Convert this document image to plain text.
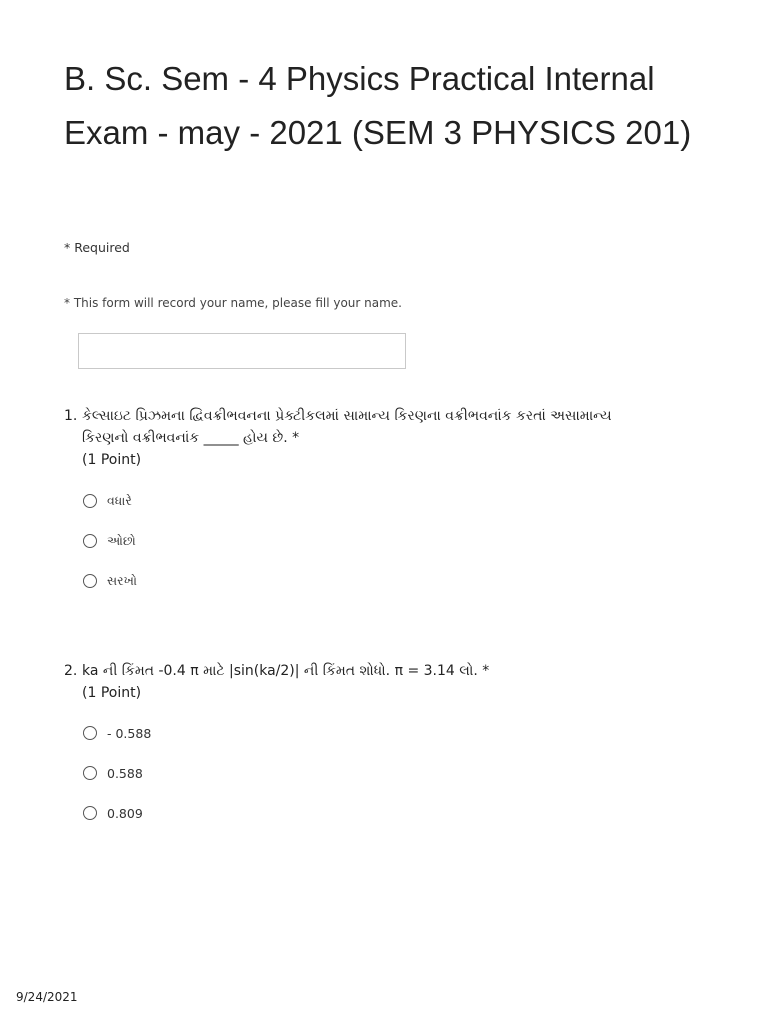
B. Sc. Sem - 4 Physics Practical Internal Exam - may - 2021 (SEM 3 PHYSICS 201)
* Required
* This form will record your name, please fill your name.
1. કેલ્સાઇટ પ્રિઝમના દ્વિવક્રીભવનના પ્રેક્ટીકલમાં સામાન્ય કિરણના વક્રીભવનાંક કરતાં અસામાન્ય
કિરણનો વક્રીભવનાંક _____ હોય છે. *
(1 Point)
વધારે
ઓછો
સરખો
2. ka ની કિંમત -0.4 π માટે |sin(ka/2)| ની કિંમત શોધો. π = 3.14 લો. *
(1 Point)
- 0.588
0.588
0.809
9/24/2021
